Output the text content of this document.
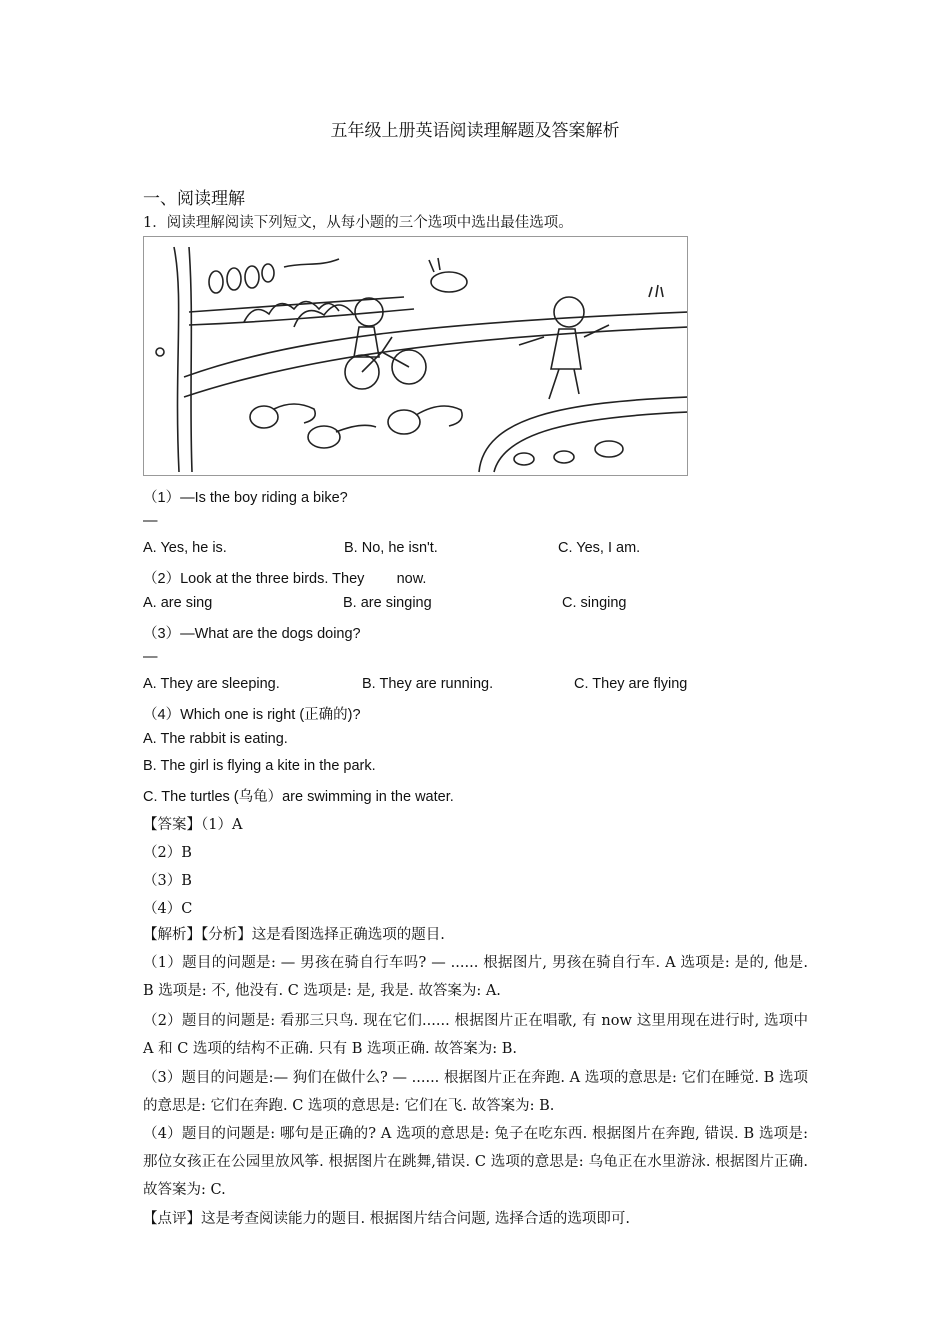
五年级上册英语阅读理解题及答案解析
一、阅读理解
1．阅读理解阅读下列短文，从每小题的三个选项中选出最佳选项。
（1）—Is the boy riding a bike?
—
A. Yes, he is.	B. No, he isn't.	C. Yes, I am.
（2）Look at the three birds. They        now.
A. are sing	B. are singing	C. singing
（3）—What are the dogs doing?
—
A. They are sleeping.	B. They are running.	C. They are flying
（4）Which one is right (正确的)?
A. The rabbit is eating.
B. The girl is flying a kite in the park.
C. The turtles (乌龟）are swimming in the water.
【答案】（1）A
（2）B
（3）B
（4）C
【解析】【分析】这是看图选择正确选项的题目.
（1）题目的问题是: — 男孩在骑自行车吗? — ...... 根据图片, 男孩在骑自行车. A 选项是: 是的, 他是. B 选项是: 不, 他没有. C 选项是: 是, 我是. 故答案为: A.
（2）题目的问题是: 看那三只鸟. 现在它们...... 根据图片正在唱歌, 有 now 这里用现在进行时, 选项中 A 和 C 选项的结构不正确. 只有 B 选项正确. 故答案为: B.
（3）题目的问题是:— 狗们在做什么? — ...... 根据图片正在奔跑. A 选项的意思是: 它们在睡觉. B 选项的意思是: 它们在奔跑. C 选项的意思是: 它们在飞. 故答案为: B.
（4）题目的问题是: 哪句是正确的? A 选项的意思是: 兔子在吃东西. 根据图片在奔跑, 错误. B 选项是: 那位女孩正在公园里放风筝. 根据图片在跳舞,错误. C 选项的意思是: 乌龟正在水里游泳. 根据图片正确. 故答案为: C.
【点评】这是考查阅读能力的题目. 根据图片结合问题, 选择合适的选项即可.
